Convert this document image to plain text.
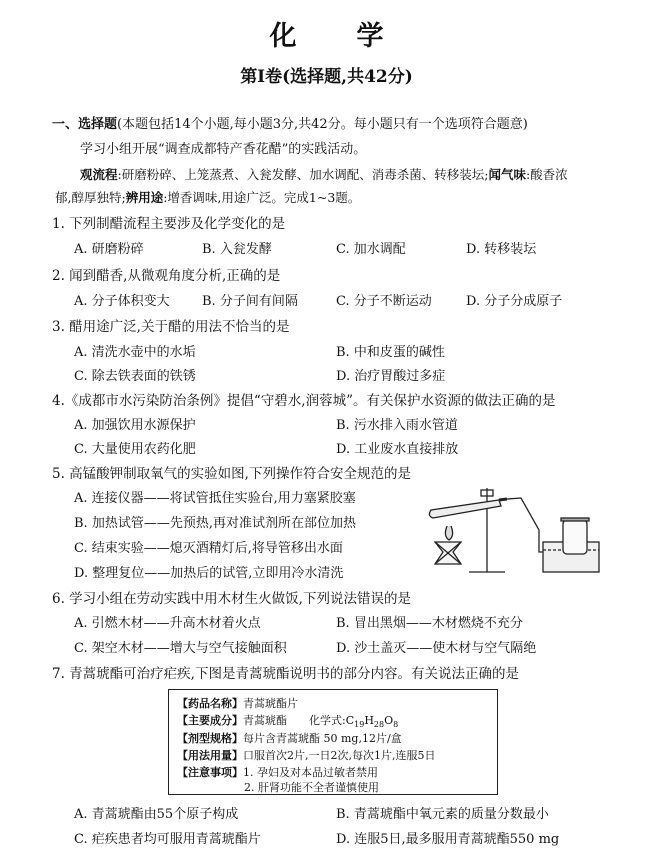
化 学
第Ⅰ卷(选择题,共42分)
一、选择题(本题包括14个小题,每小题3分,共42分。每小题只有一个选项符合题意)
学习小组开展“调查成都特产香花醋”的实践活动。
观流程:研磨粉碎、上笼蒸煮、入瓮发酵、加水调配、消毒杀菌、转移装坛;闻气味:酸香浓
郁,醇厚独特;辨用途:增香调味,用途广泛。完成1~3题。
1. 下列制醋流程主要涉及化学变化的是
A. 研磨粉碎	B. 入瓮发酵	C. 加水调配	D. 转移装坛
2. 闻到醋香,从微观角度分析,正确的是
A. 分子体积变大 B. 分子间有间隔	C. 分子不断运动	D. 分子分成原子
3. 醋用途广泛,关于醋的用法不恰当的是
A. 清洗水壶中的水垢	B. 中和皮蛋的碱性
C. 除去铁表面的铁锈	D. 治疗胃酸过多症
4.《成都市水污染防治条例》提倡“守碧水,润蓉城”。有关保护水资源的做法正确的是
A. 加强饮用水源保护	B. 污水排入雨水管道
C. 大量使用农药化肥	D. 工业废水直接排放
5. 高锰酸钾制取氧气的实验如图,下列操作符合安全规范的是
A. 连接仪器——将试管抵住实验台,用力塞紧胶塞
B. 加热试管——先预热,再对准试剂所在部位加热
C. 结束实验——熄灭酒精灯后,将导管移出水面
D. 整理复位——加热后的试管,立即用冷水清洗
6. 学习小组在劳动实践中用木材生火做饭,下列说法错误的是
A. 引燃木材——升高木材着火点	B. 冒出黑烟——木材燃烧不充分
C. 架空木材——增大与空气接触面积	D. 沙土盖灭——使木材与空气隔绝
7. 青蒿琥酯可治疗疟疾,下图是青蒿琥酯说明书的部分内容。有关说法正确的是
【药品名称】青蒿琥酯片
【主要成分】青蒿琥酯 化学式$:C_{19}H_{28}O_8$
【剂型规格】每片含青蒿琥酯 50 mg,12片/盒
【用法用量】口服首次2片,一日2次,每次1片,连服5日
【注意事项】1. 孕妇及对本品过敏者禁用
2. 肝肾功能不全者谨慎使用
A. 青蒿琥酯由55个原子构成	B. 青蒿琥酯中氧元素的质量分数最小
C. 疟疾患者均可服用青蒿琥酯片	D. 连服5日,最多服用青蒿琥酯550 mg
